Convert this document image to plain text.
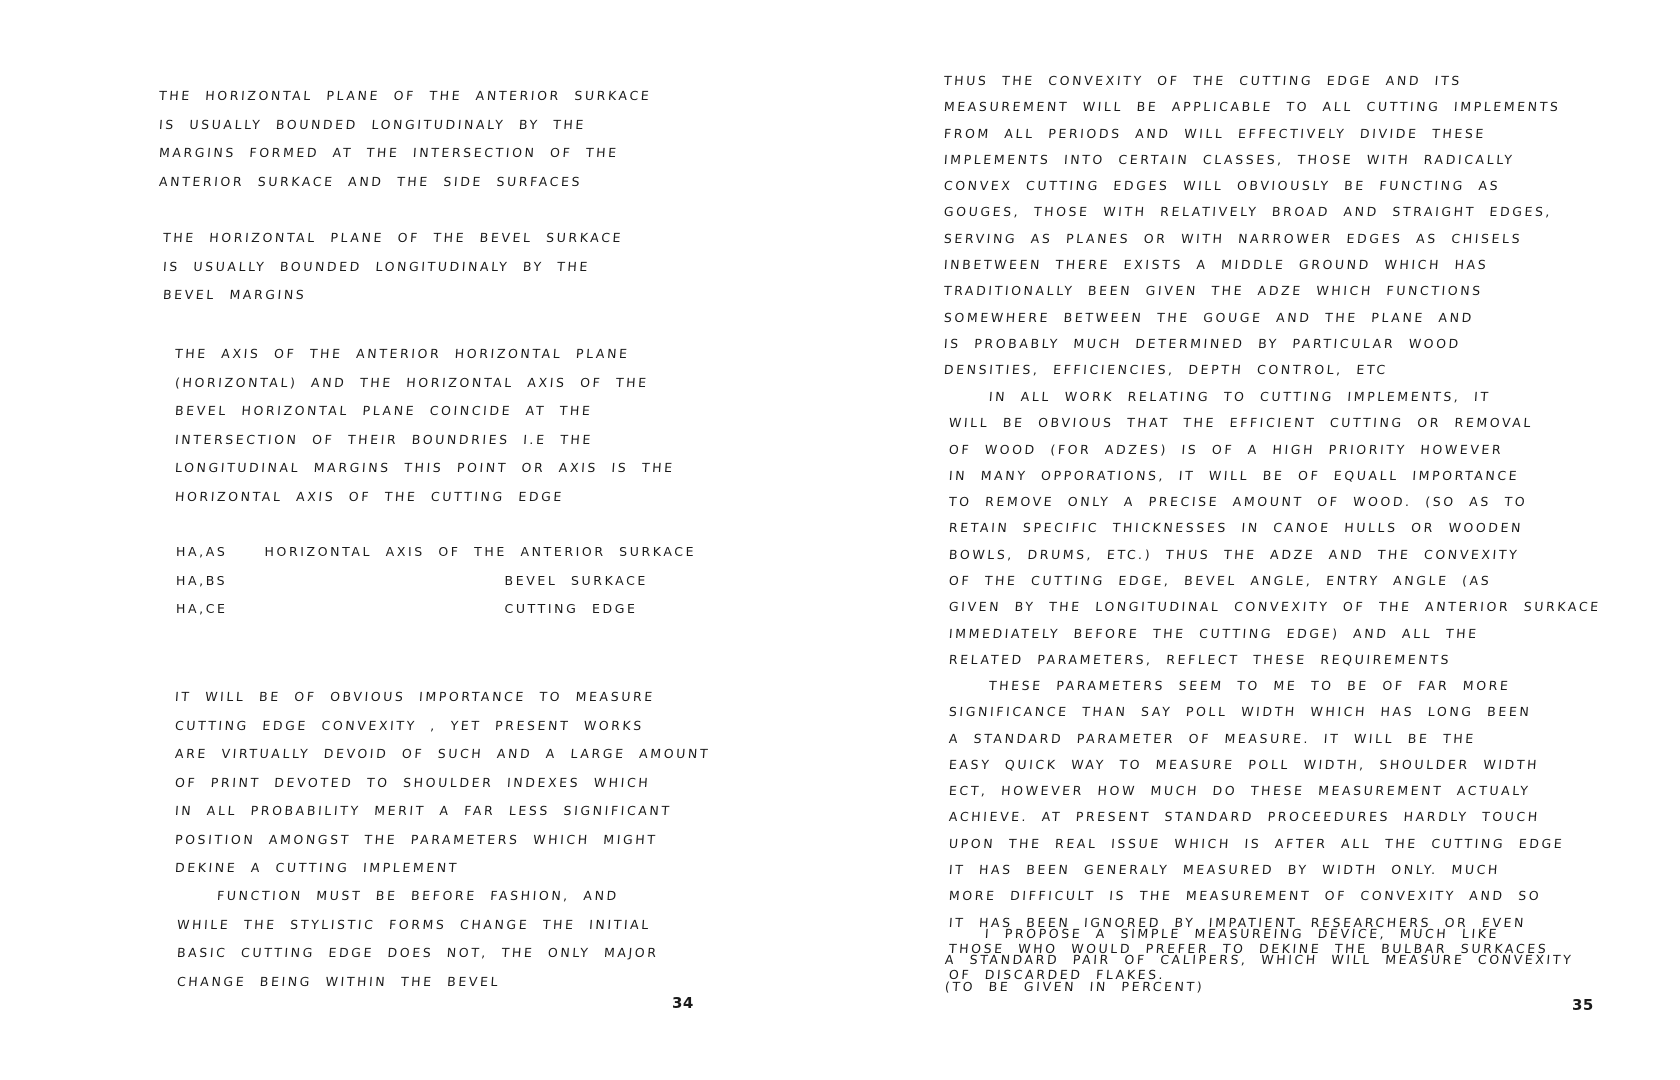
THE HORIZONTAL PLANE OF THE ANTERIOR SURKACE
IS USUALLY BOUNDED LONGITUDINALY BY THE
MARGINS FORMED AT THE INTERSECTION OF THE
ANTERIOR SURKACE AND THE SIDE SURFACES
THE HORIZONTAL PLANE OF THE BEVEL SURKACE
IS USUALLY BOUNDED LONGITUDINALY BY THE
BEVEL MARGINS
THE AXIS OF THE ANTERIOR HORIZONTAL PLANE
(HORIZONTAL) AND THE HORIZONTAL AXIS OF THE
BEVEL HORIZONTAL PLANE COINCIDE AT THE
INTERSECTION OF THEIR BOUNDRIES I.E THE
LONGITUDINAL MARGINS THIS POINT OR AXIS IS THE
HORIZONTAL AXIS OF THE CUTTING EDGE
HA,AS	HORIZONTAL AXIS OF THE ANTERIOR SURKACE
HA,BS	BEVEL SURKACE
HA,CE	CUTTING EDGE
IT WILL BE OF OBVIOUS IMPORTANCE TO MEASURE
CUTTING EDGE CONVEXITY , YET PRESENT WORKS
ARE VIRTUALLY DEVOID OF SUCH AND A LARGE AMOUNT
OF PRINT DEVOTED TO SHOULDER INDEXES WHICH
IN ALL PROBABILITY MERIT A FAR LESS SIGNIFICANT
POSITION AMONGST THE PARAMETERS WHICH MIGHT
DEKINE A CUTTING IMPLEMENT
FUNCTION MUST BE BEFORE FASHION, AND
WHILE THE STYLISTIC FORMS CHANGE THE INITIAL
BASIC CUTTING EDGE DOES NOT, THE ONLY MAJOR
CHANGE BEING WITHIN THE BEVEL
34
THUS THE CONVEXITY OF THE CUTTING EDGE AND ITS
MEASUREMENT WILL BE APPLICABLE TO ALL CUTTING IMPLEMENTS
FROM ALL PERIODS AND WILL EFFECTIVELY DIVIDE THESE
IMPLEMENTS INTO CERTAIN CLASSES, THOSE WITH RADICALLY
CONVEX CUTTING EDGES WILL OBVIOUSLY BE FUNCTING AS
GOUGES, THOSE WITH RELATIVELY BROAD AND STRAIGHT EDGES,
SERVING AS PLANES OR WITH NARROWER EDGES AS CHISELS
INBETWEEN THERE EXISTS A MIDDLE GROUND WHICH HAS
TRADITIONALLY BEEN GIVEN THE ADZE WHICH FUNCTIONS
SOMEWHERE BETWEEN THE GOUGE AND THE PLANE AND
IS PROBABLY MUCH DETERMINED BY PARTICULAR WOOD
DENSITIES, EFFICIENCIES, DEPTH CONTROL, ETC
IN ALL WORK RELATING TO CUTTING IMPLEMENTS, IT
WILL BE OBVIOUS THAT THE EFFICIENT CUTTING OR REMOVAL
OF WOOD (FOR ADZES) IS OF A HIGH PRIORITY HOWEVER
IN MANY OPPORATIONS, IT WILL BE OF EQUALL IMPORTANCE
TO REMOVE ONLY A PRECISE AMOUNT OF WOOD. (SO AS TO
RETAIN SPECIFIC THICKNESSES IN CANOE HULLS OR WOODEN
BOWLS, DRUMS, ETC.) THUS THE ADZE AND THE CONVEXITY
OF THE CUTTING EDGE, BEVEL ANGLE, ENTRY ANGLE (AS
GIVEN BY THE LONGITUDINAL CONVEXITY OF THE ANTERIOR SURKACE
IMMEDIATELY BEFORE THE CUTTING EDGE) AND ALL THE
RELATED PARAMETERS, REFLECT THESE REQUIREMENTS
THESE PARAMETERS SEEM TO ME TO BE OF FAR MORE
SIGNIFICANCE THAN SAY POLL WIDTH WHICH HAS LONG BEEN
A STANDARD PARAMETER OF MEASURE. IT WILL BE THE
EASY QUICK WAY TO MEASURE POLL WIDTH, SHOULDER WIDTH
ECT, HOWEVER HOW MUCH DO THESE MEASUREMENT ACTUALY
ACHIEVE. AT PRESENT STANDARD PROCEEDURES HARDLY TOUCH
UPON THE REAL ISSUE WHICH IS AFTER ALL THE CUTTING EDGE
IT HAS BEEN GENERALY MEASURED BY WIDTH ONLY. MUCH
MORE DIFFICULT IS THE MEASUREMENT OF CONVEXITY AND SO
IT HAS BEEN IGNORED BY IMPATIENT RESEARCHERS OR EVEN
THOSE WHO WOULD PREFER TO DEKINE THE BULBAR SURKACES
OF DISCARDED FLAKES.
I PROPOSE A SIMPLE MEASUREING DEVICE, MUCH LIKE
A STANDARD PAIR OF CALIPERS, WHICH WILL MEASURE CONVEXITY
(TO BE GIVEN IN PERCENT)
35
